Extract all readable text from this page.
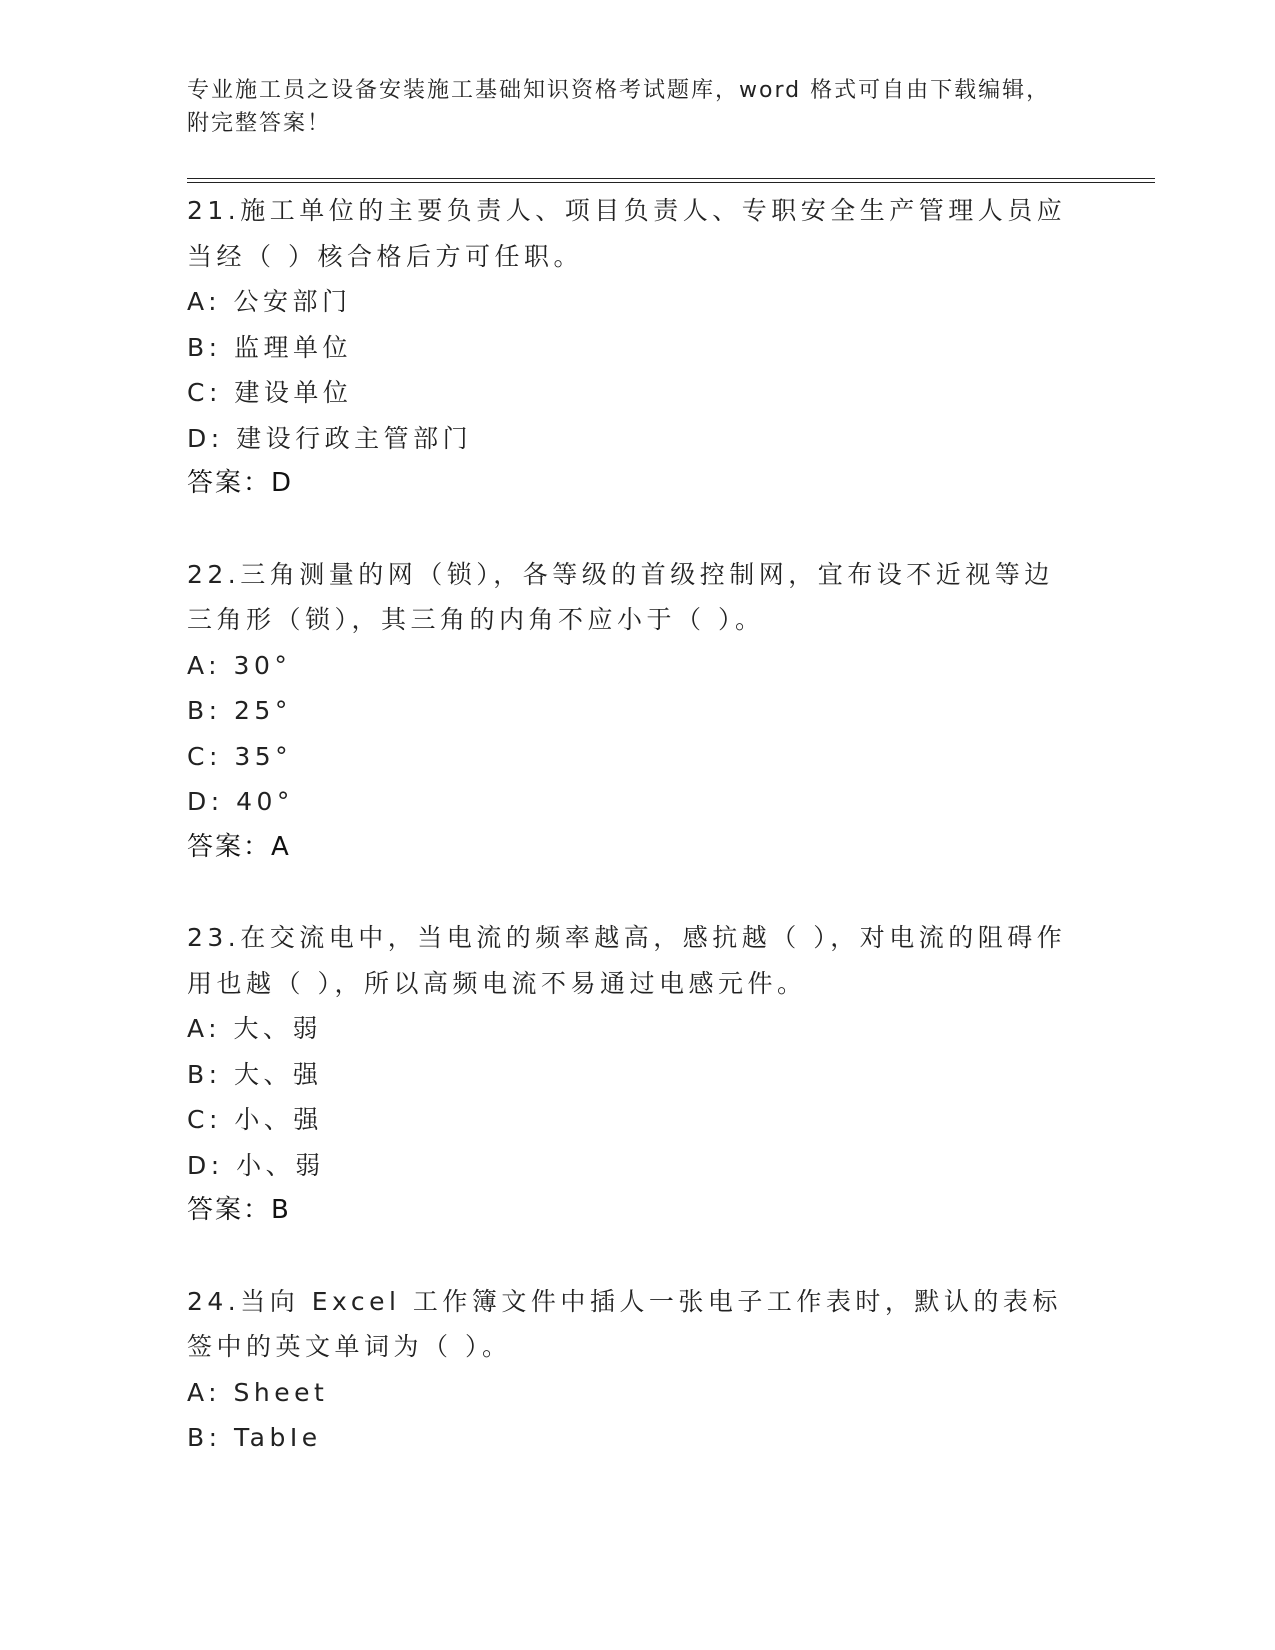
专业施工员之设备安装施工基础知识资格考试题库，word 格式可自由下载编辑，
附完整答案！

21.施工单位的主要负责人、项目负责人、专职安全生产管理人员应当经（ ）核合格后方可任职。

A: 公安部门

B: 监理单位

C: 建设单位

D: 建设行政主管部门

答案：D

22.三角测量的网（锁），各等级的首级控制网，宜布设不近视等边三角形（锁），其三角的内角不应小于（ ）。

A: 30°

B: 25°

C: 35°

D: 40°

答案：A

23.在交流电中，当电流的频率越高，感抗越（ ），对电流的阻碍作用也越（ ），所以高频电流不易通过电感元件。

A: 大、弱

B: 大、强

C: 小、强

D: 小、弱

答案：B

24.当向 Excel 工作簿文件中插人一张电子工作表时，默认的表标签中的英文单词为（ ）。

A: Sheet

B: TabIe
